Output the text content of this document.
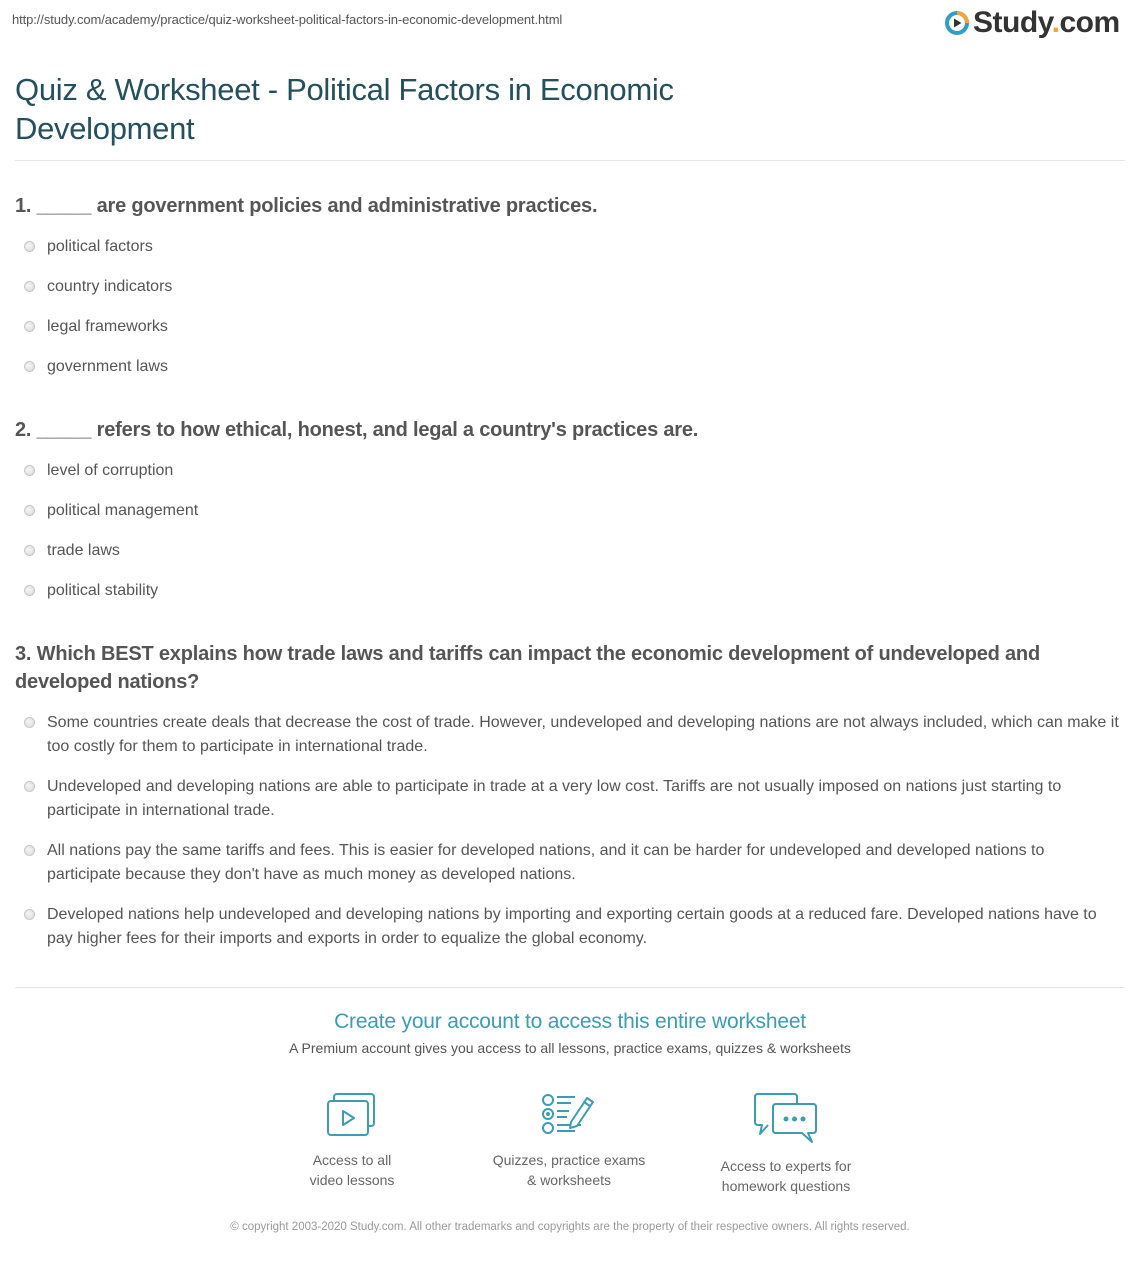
http://study.com/academy/practice/quiz-worksheet-political-factors-in-economic-development.html	Study.com
Quiz & Worksheet - Political Factors in Economic Development
1. _____ are government policies and administrative practices.
political factors
country indicators
legal frameworks
government laws
2. _____ refers to how ethical, honest, and legal a country's practices are.
level of corruption
political management
trade laws
political stability
3. Which BEST explains how trade laws and tariffs can impact the economic development of undeveloped and developed nations?
Some countries create deals that decrease the cost of trade. However, undeveloped and developing nations are not always included, which can make it too costly for them to participate in international trade.
Undeveloped and developing nations are able to participate in trade at a very low cost. Tariffs are not usually imposed on nations just starting to participate in international trade.
All nations pay the same tariffs and fees. This is easier for developed nations, and it can be harder for undeveloped and developed nations to participate because they don't have as much money as developed nations.
Developed nations help undeveloped and developing nations by importing and exporting certain goods at a reduced fare. Developed nations have to pay higher fees for their imports and exports in order to equalize the global economy.
Create your account to access this entire worksheet
A Premium account gives you access to all lessons, practice exams, quizzes & worksheets
Access to all
video lessons
Quizzes, practice exams
& worksheets
Access to experts for
homework questions
© copyright 2003-2020 Study.com. All other trademarks and copyrights are the property of their respective owners. All rights reserved.
